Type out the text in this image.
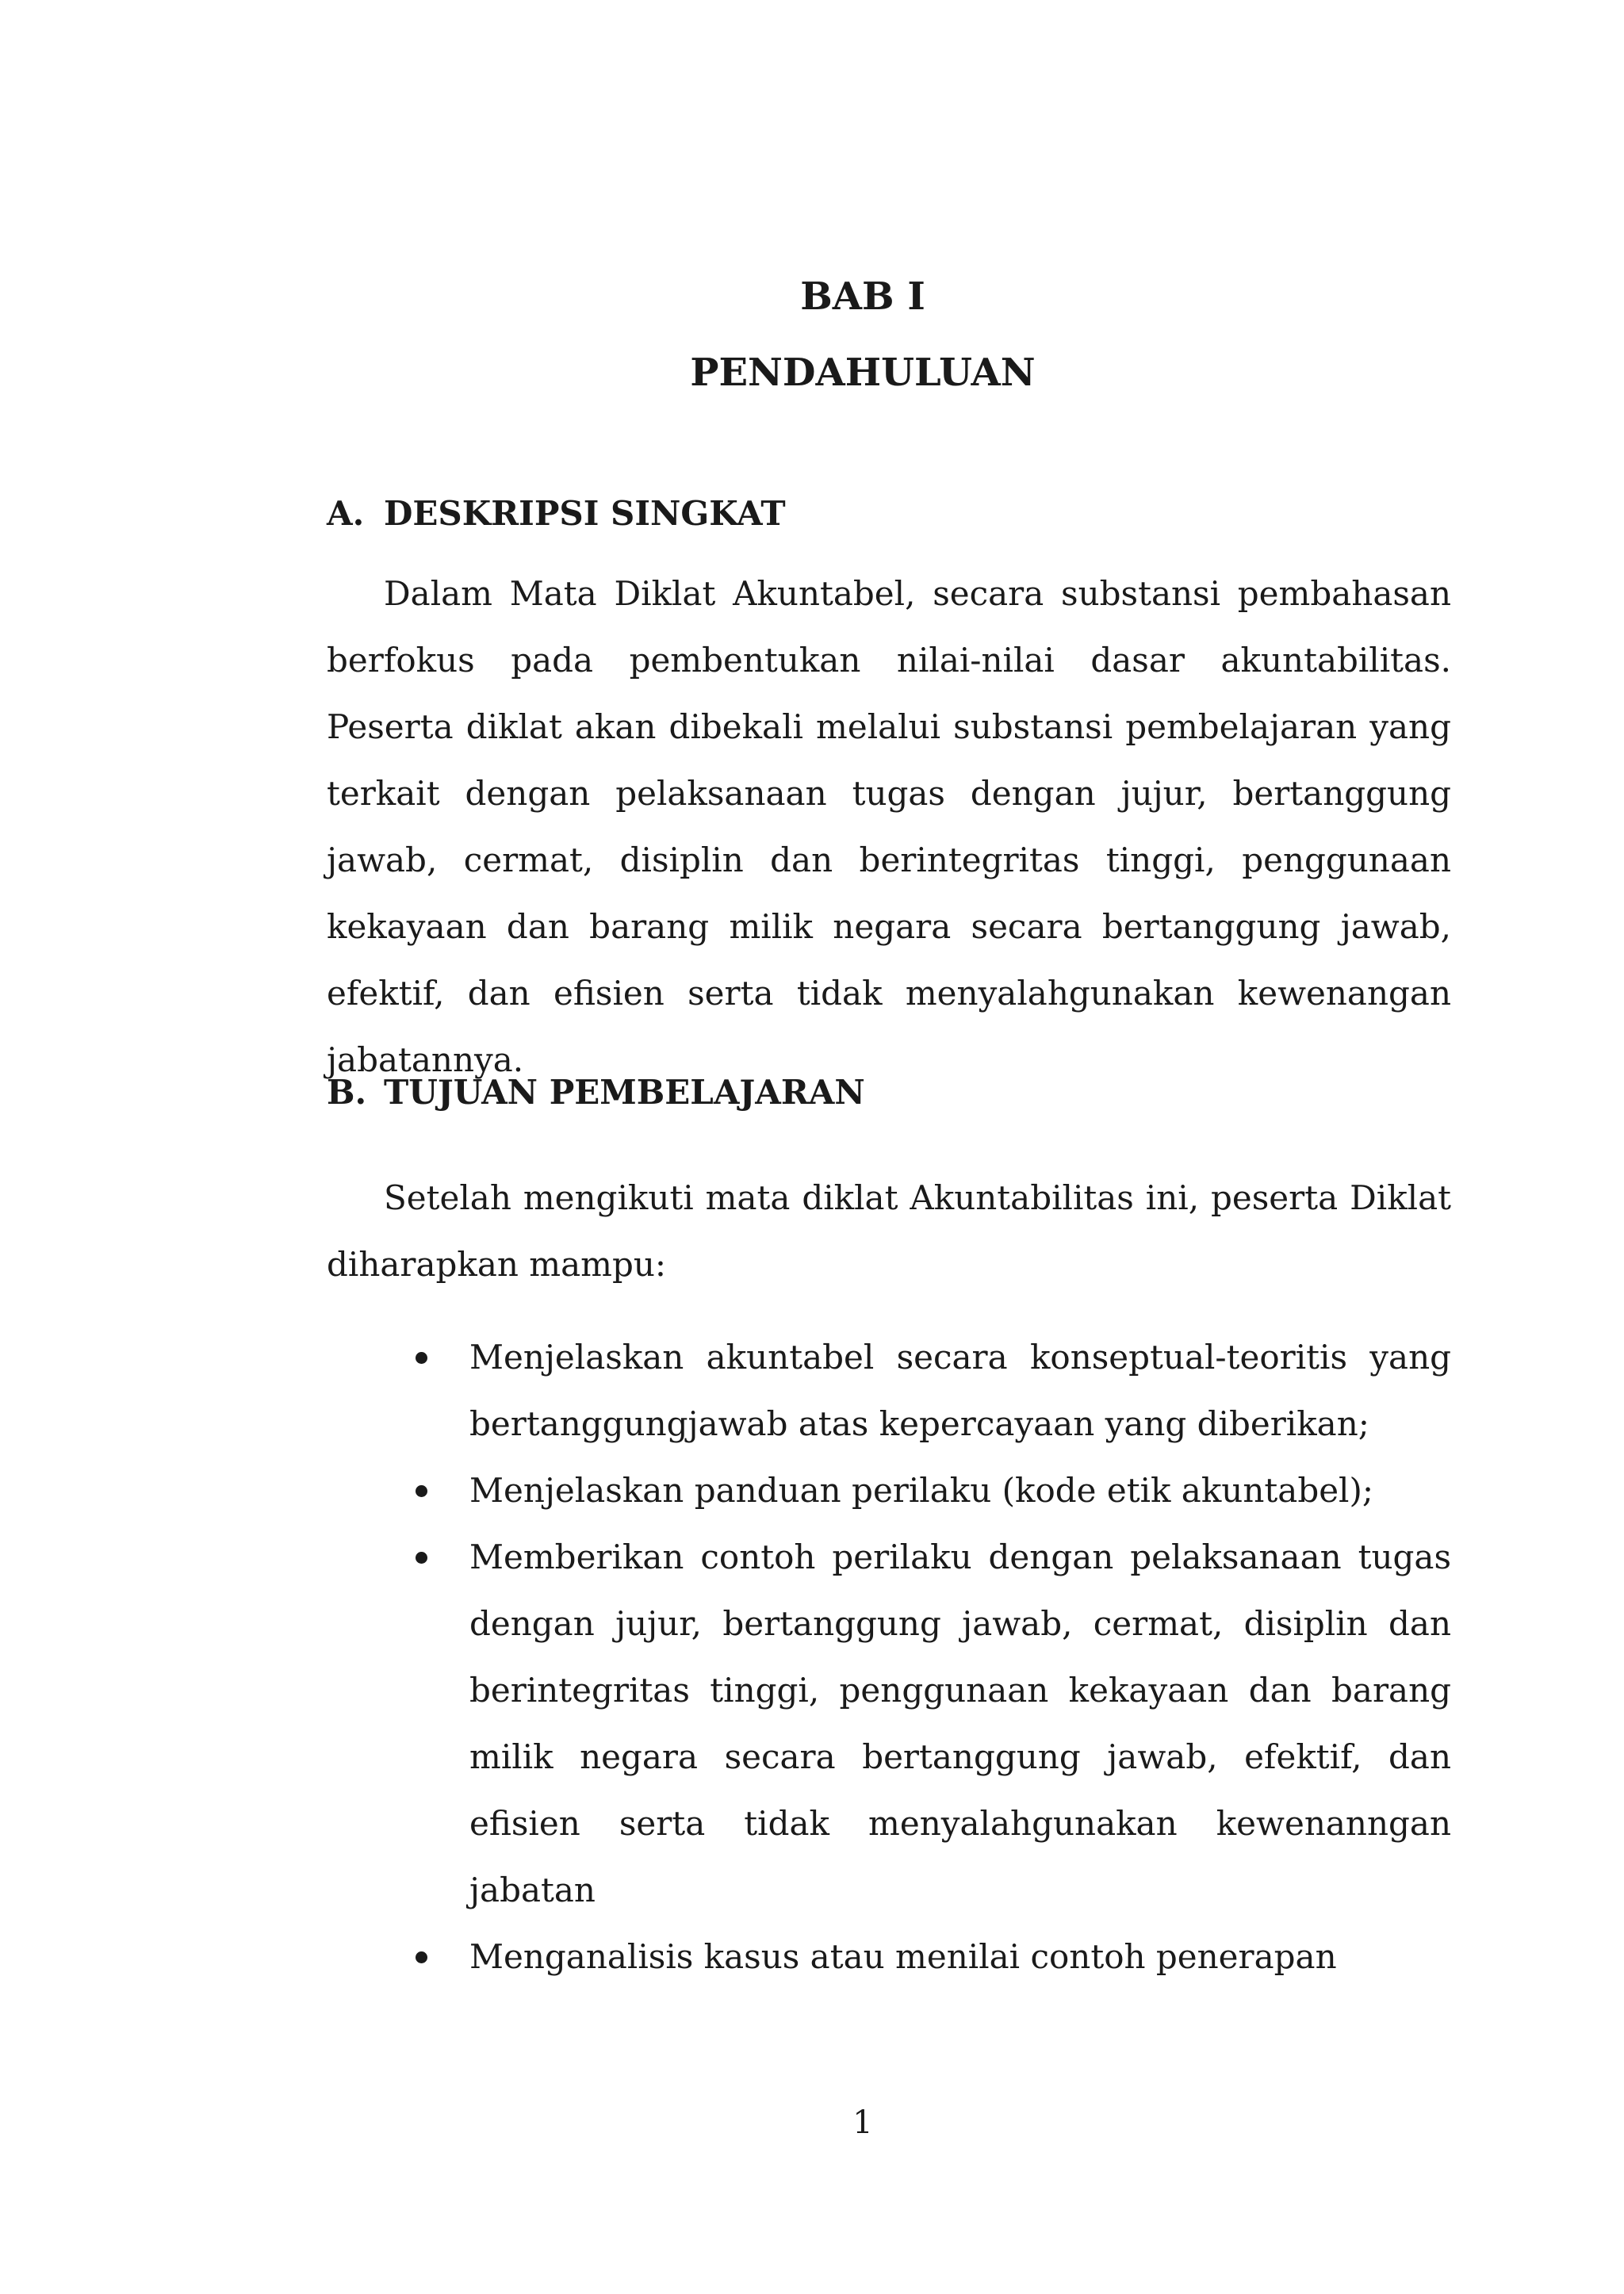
BAB I
PENDAHULUAN
A. DESKRIPSI SINGKAT

Dalam Mata Diklat Akuntabel, secara substansi pembahasan berfokus pada pembentukan nilai-nilai dasar akuntabilitas. Peserta diklat akan dibekali melalui substansi pembelajaran yang terkait dengan pelaksanaan tugas dengan jujur, bertanggung jawab, cermat, disiplin dan berintegritas tinggi, penggunaan kekayaan dan barang milik negara secara bertanggung jawab, efektif, dan efisien serta tidak menyalahgunakan kewenangan jabatannya.

B. TUJUAN PEMBELAJARAN

Setelah mengikuti mata diklat Akuntabilitas ini, peserta Diklat diharapkan mampu:

Menjelaskan akuntabel secara konseptual-teoritis yang bertanggungjawab atas kepercayaan yang diberikan;
Menjelaskan panduan perilaku (kode etik akuntabel);
Memberikan contoh perilaku dengan pelaksanaan tugas dengan jujur, bertanggung jawab, cermat, disiplin dan berintegritas tinggi, penggunaan kekayaan dan barang milik negara secara bertanggung jawab, efektif, dan efisien serta tidak menyalahgunakan kewenanngan jabatan
Menganalisis kasus atau menilai contoh penerapan

1
